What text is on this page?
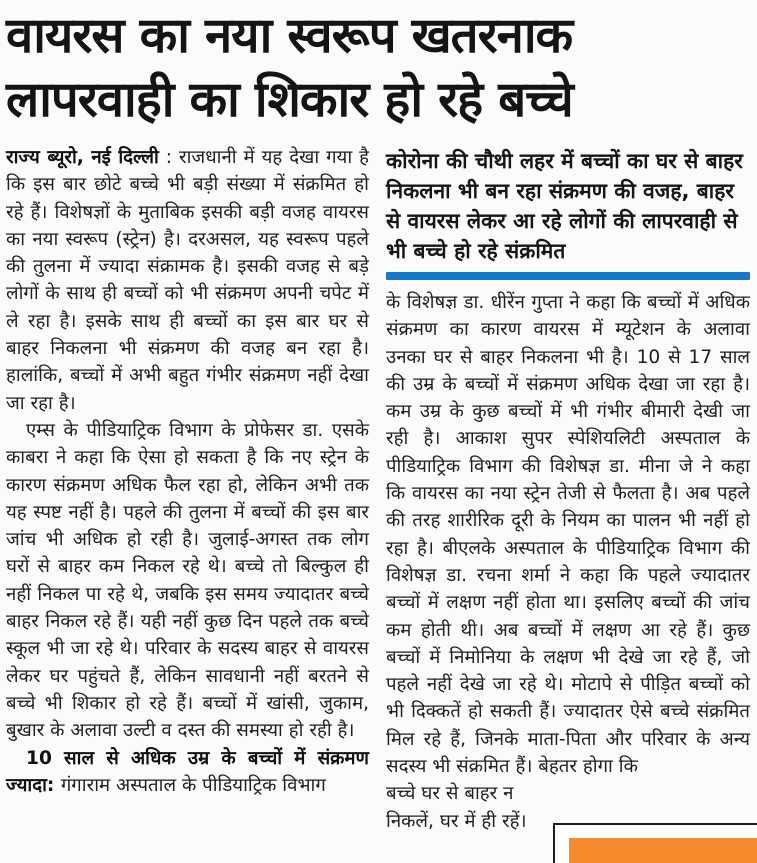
वायरस का नया स्वरूप खतरनाक
लापरवाही का शिकार हो रहे बच्चे

राज्य ब्यूरो, नई दिल्ली : राजधानी में यह देखा गया है कि इस बार छोटे बच्चे भी बड़ी संख्या में संक्रमित हो रहे हैं। विशेषज्ञों के मुताबिक इसकी बड़ी वजह वायरस का नया स्वरूप (स्ट्रेन) है। दरअसल, यह स्वरूप पहले की तुलना में ज्यादा संक्रामक है। इसकी वजह से बड़े लोगों के साथ ही बच्चों को भी संक्रमण अपनी चपेट में ले रहा है। इसके साथ ही बच्चों का इस बार घर से बाहर निकलना भी संक्रमण की वजह बन रहा है। हालांकि, बच्चों में अभी बहुत गंभीर संक्रमण नहीं देखा जा रहा है।

एम्स के पीडियाट्रिक विभाग के प्रोफेसर डा. एसके काबरा ने कहा कि ऐसा हो सकता है कि नए स्ट्रेन के कारण संक्रमण अधिक फैल रहा हो, लेकिन अभी तक यह स्पष्ट नहीं है। पहले की तुलना में बच्चों की इस बार जांच भी अधिक हो रही है। जुलाई-अगस्त तक लोग घरों से बाहर कम निकल रहे थे। बच्चे तो बिल्कुल ही नहीं निकल पा रहे थे, जबकि इस समय ज्यादातर बच्चे बाहर निकल रहे हैं। यही नहीं कुछ दिन पहले तक बच्चे स्कूल भी जा रहे थे। परिवार के सदस्य बाहर से वायरस लेकर घर पहुंचते हैं, लेकिन सावधानी नहीं बरतने से बच्चे भी शिकार हो रहे हैं। बच्चों में खांसी, जुकाम, बुखार के अलावा उल्टी व दस्त की समस्या हो रही है।

10 साल से अधिक उम्र के बच्चों में संक्रमण ज्यादा: गंगाराम अस्पताल के पीडियाट्रिक विभाग

कोरोना की चौथी लहर में बच्चों का घर से बाहर निकलना भी बन रहा संक्रमण की वजह, बाहर से वायरस लेकर आ रहे लोगों की लापरवाही से भी बच्चे हो रहे संक्रमित

के विशेषज्ञ डा. धीरेंन गुप्ता ने कहा कि बच्चों में अधिक संक्रमण का कारण वायरस में म्यूटेशन के अलावा उनका घर से बाहर निकलना भी है। 10 से 17 साल की उम्र के बच्चों में संक्रमण अधिक देखा जा रहा है। कम उम्र के कुछ बच्चों में भी गंभीर बीमारी देखी जा रही है। आकाश सुपर स्पेशियलिटी अस्पताल के पीडियाट्रिक विभाग की विशेषज्ञ डा. मीना जे ने कहा कि वायरस का नया स्ट्रेन तेजी से फैलता है। अब पहले की तरह शारीरिक दूरी के नियम का पालन भी नहीं हो रहा है। बीएलके अस्पताल के पीडियाट्रिक विभाग की विशेषज्ञ डा. रचना शर्मा ने कहा कि पहले ज्यादातर बच्चों में लक्षण नहीं होता था। इसलिए बच्चों की जांच कम होती थी। अब बच्चों में लक्षण आ रहे हैं। कुछ बच्चों में निमोनिया के लक्षण भी देखे जा रहे हैं, जो पहले नहीं देखे जा रहे थे। मोटापे से पीड़ित बच्चों को भी दिक्कतें हो सकती हैं। ज्यादातर ऐसे बच्चे संक्रमित मिल रहे हैं, जिनके माता-पिता और परिवार के अन्य सदस्य भी संक्रमित हैं। बेहतर होगा कि

बच्चे घर से बाहर न
निकलें, घर में ही रहें।
